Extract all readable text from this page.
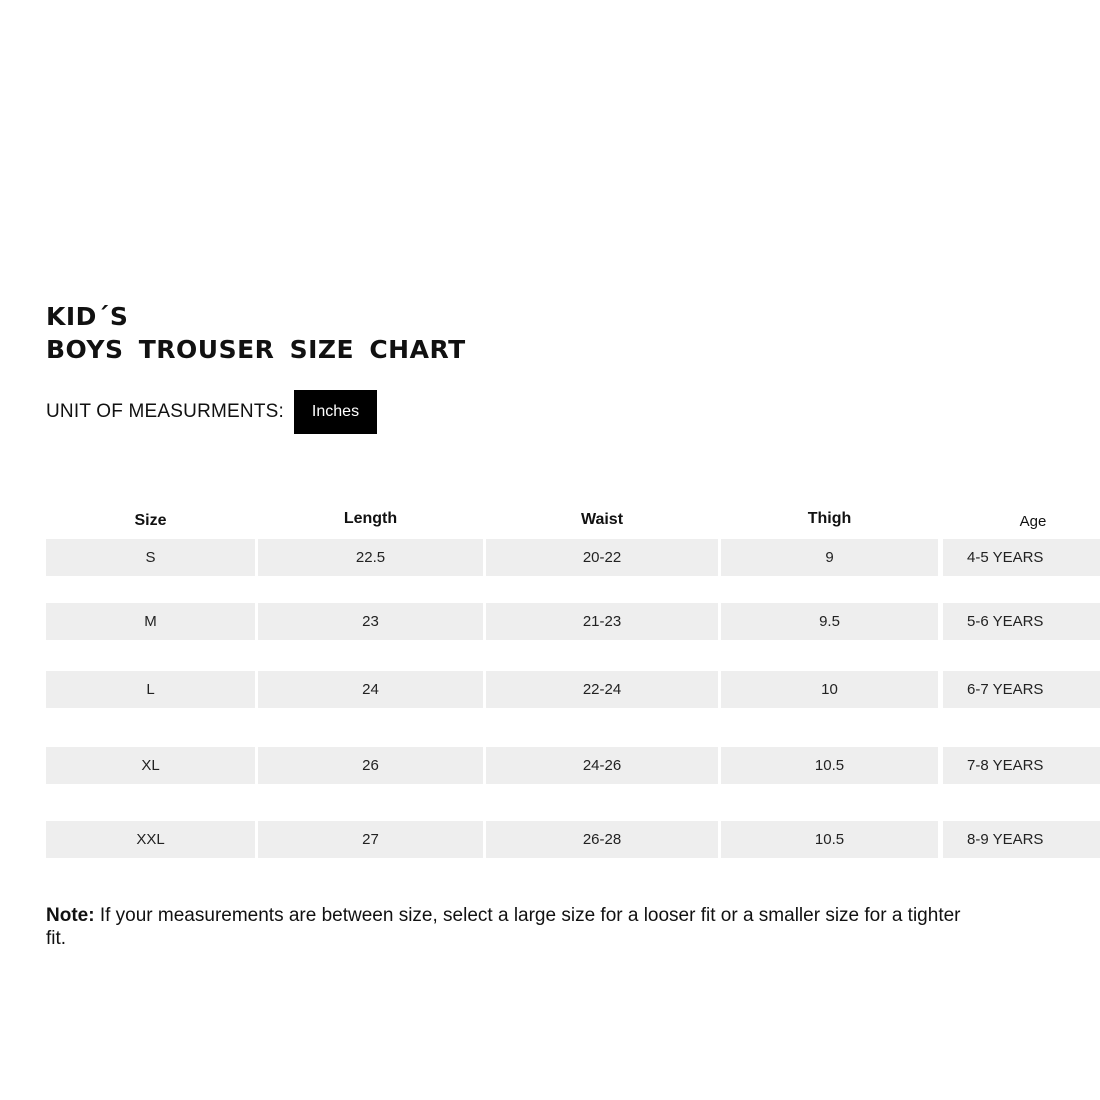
KID´S
BOYS TROUSER SIZE CHART
UNIT OF MEASURMENTS:	Inches
Size	Length	Waist	Thigh	Age
S	22.5	20-22	9	4-5 YEARS
M	23	21-23	9.5	5-6 YEARS
L	24	22-24	10	6-7 YEARS
XL	26	24-26	10.5	7-8 YEARS
XXL	27	26-28	10.5	8-9 YEARS
Note: If your measurements are between size, select a large size for a looser fit or a smaller size for a tighter fit.
